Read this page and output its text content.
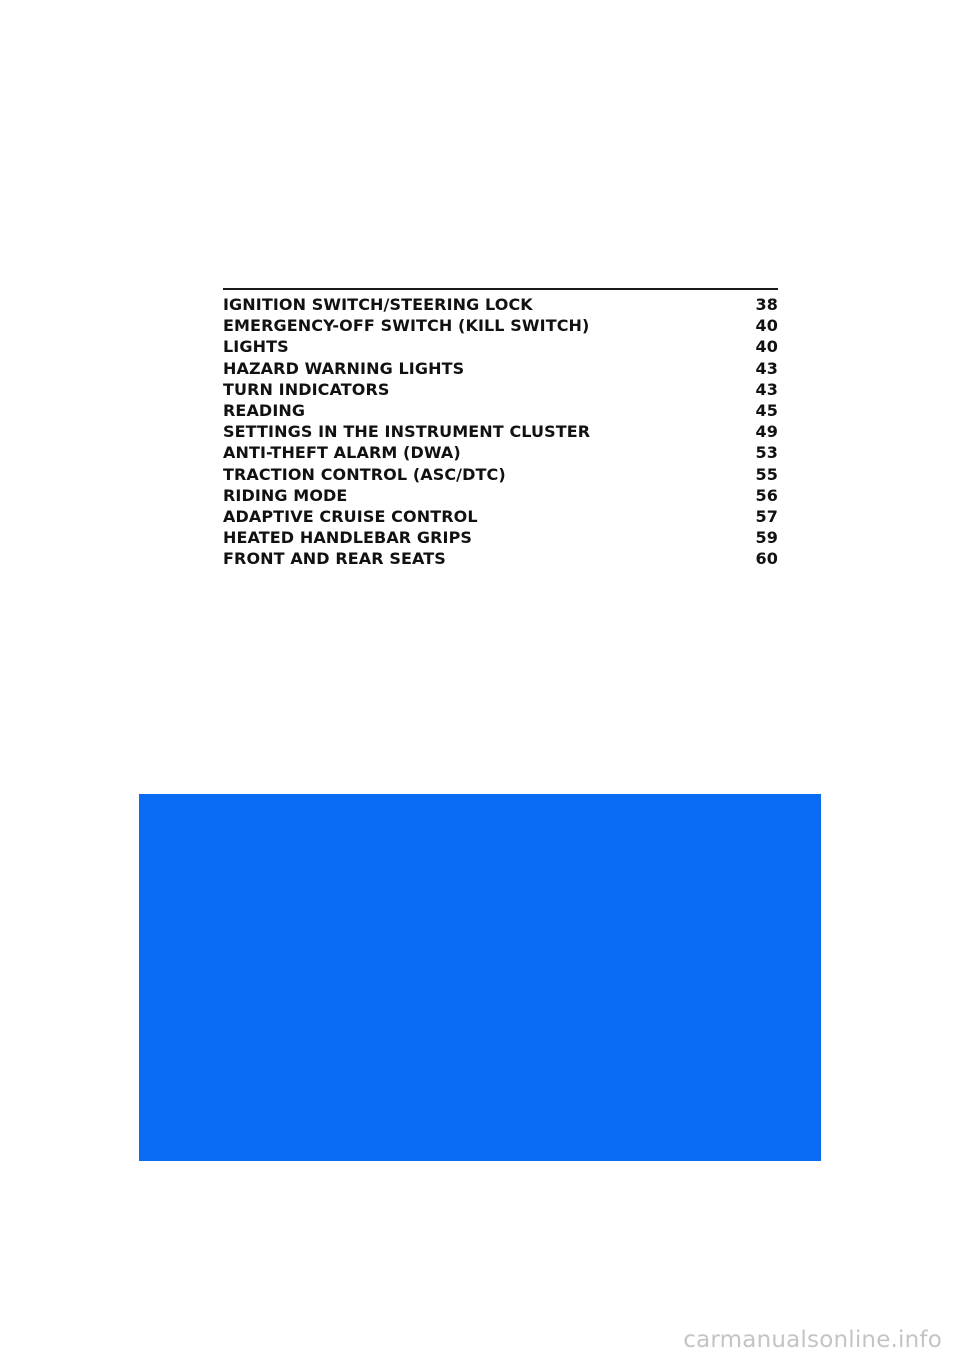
IGNITION SWITCH/STEERING LOCK	38
EMERGENCY-OFF SWITCH (KILL SWITCH)	40
LIGHTS	40
HAZARD WARNING LIGHTS	43
TURN INDICATORS	43
READING	45
SETTINGS IN THE INSTRUMENT CLUSTER	49
ANTI-THEFT ALARM (DWA)	53
TRACTION CONTROL (ASC/DTC)	55
RIDING MODE	56
ADAPTIVE CRUISE CONTROL	57
HEATED HANDLEBAR GRIPS	59
FRONT AND REAR SEATS	60
carmanualsonline.info
